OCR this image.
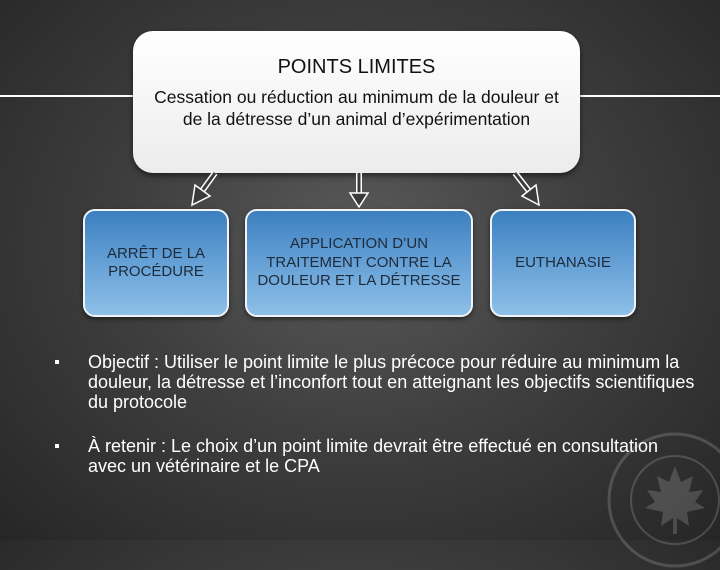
POINTS LIMITES
Cessation ou réduction au minimum de la douleur et de la détresse d’un animal d’expérimentation
ARRÊT DE LA PROCÉDURE
APPLICATION D’UN TRAITEMENT CONTRE LA DOULEUR ET LA DÉTRESSE
EUTHANASIE
Objectif : Utiliser le point limite le plus précoce pour réduire au minimum la douleur, la détresse et l’inconfort tout en atteignant les objectifs scientifiques du protocole
À retenir : Le choix d’un point limite devrait être effectué en consultation avec un vétérinaire et le CPA
